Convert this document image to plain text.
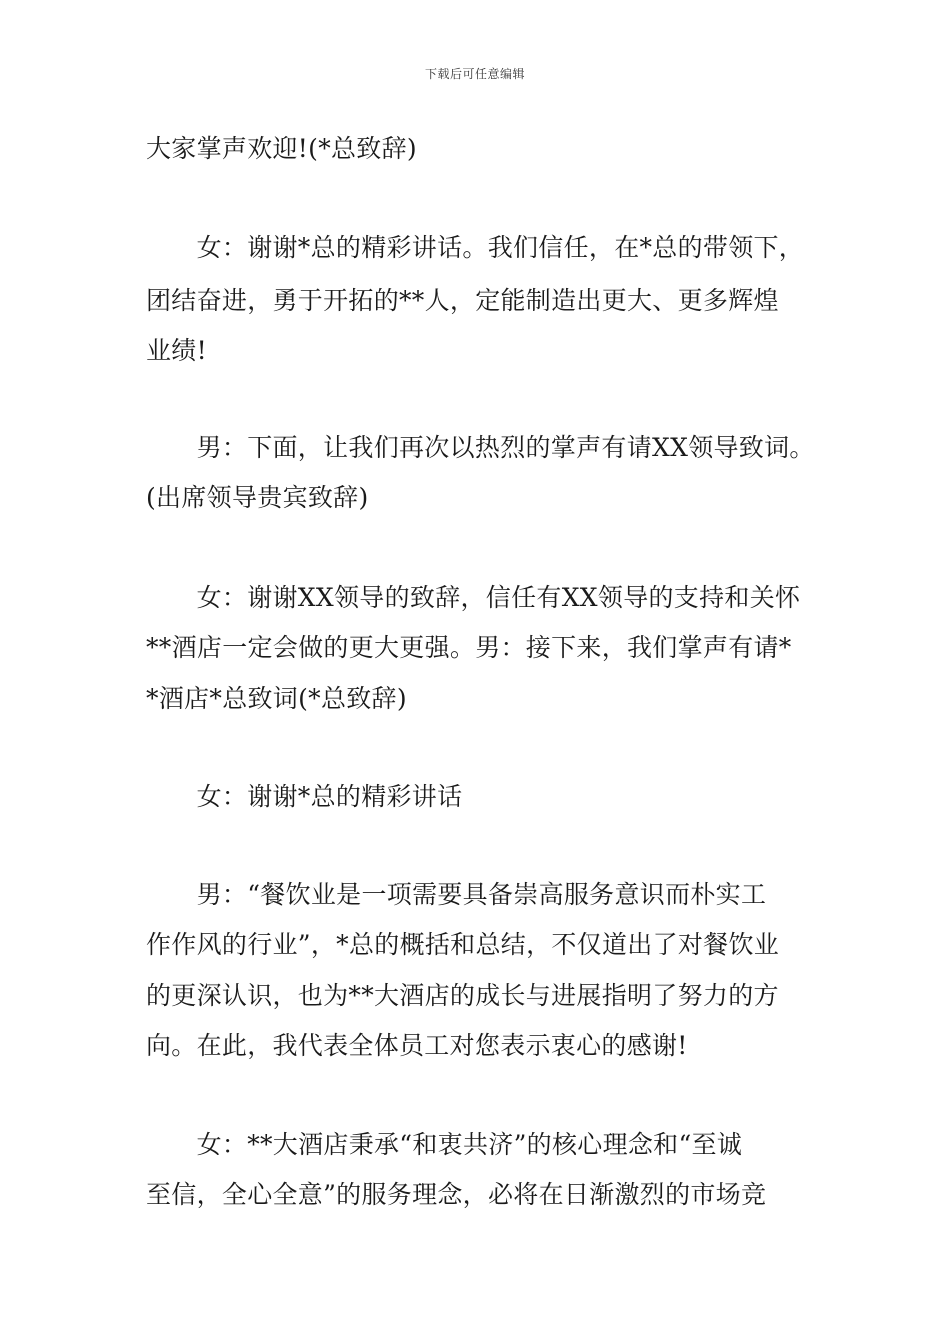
下载后可任意编辑
大家掌声欢迎!(*总致辞)
　　女：谢谢*总的精彩讲话。我们信任，在*总的带领下，
团结奋进，勇于开拓的**人，定能制造出更大、更多辉煌
业绩!
　　男：下面，让我们再次以热烈的掌声有请XX领导致词。
(出席领导贵宾致辞)
　　女：谢谢XX领导的致辞，信任有XX领导的支持和关怀
**酒店一定会做的更大更强。男：接下来，我们掌声有请*
*酒店*总致词(*总致辞)
　　女：谢谢*总的精彩讲话
　　男：“餐饮业是一项需要具备崇高服务意识而朴实工
作作风的行业”，*总的概括和总结，不仅道出了对餐饮业
的更深认识，也为**大酒店的成长与进展指明了努力的方
向。在此，我代表全体员工对您表示衷心的感谢!
　　女：**大酒店秉承“和衷共济”的核心理念和“至诚
至信，全心全意”的服务理念，必将在日渐激烈的市场竞
